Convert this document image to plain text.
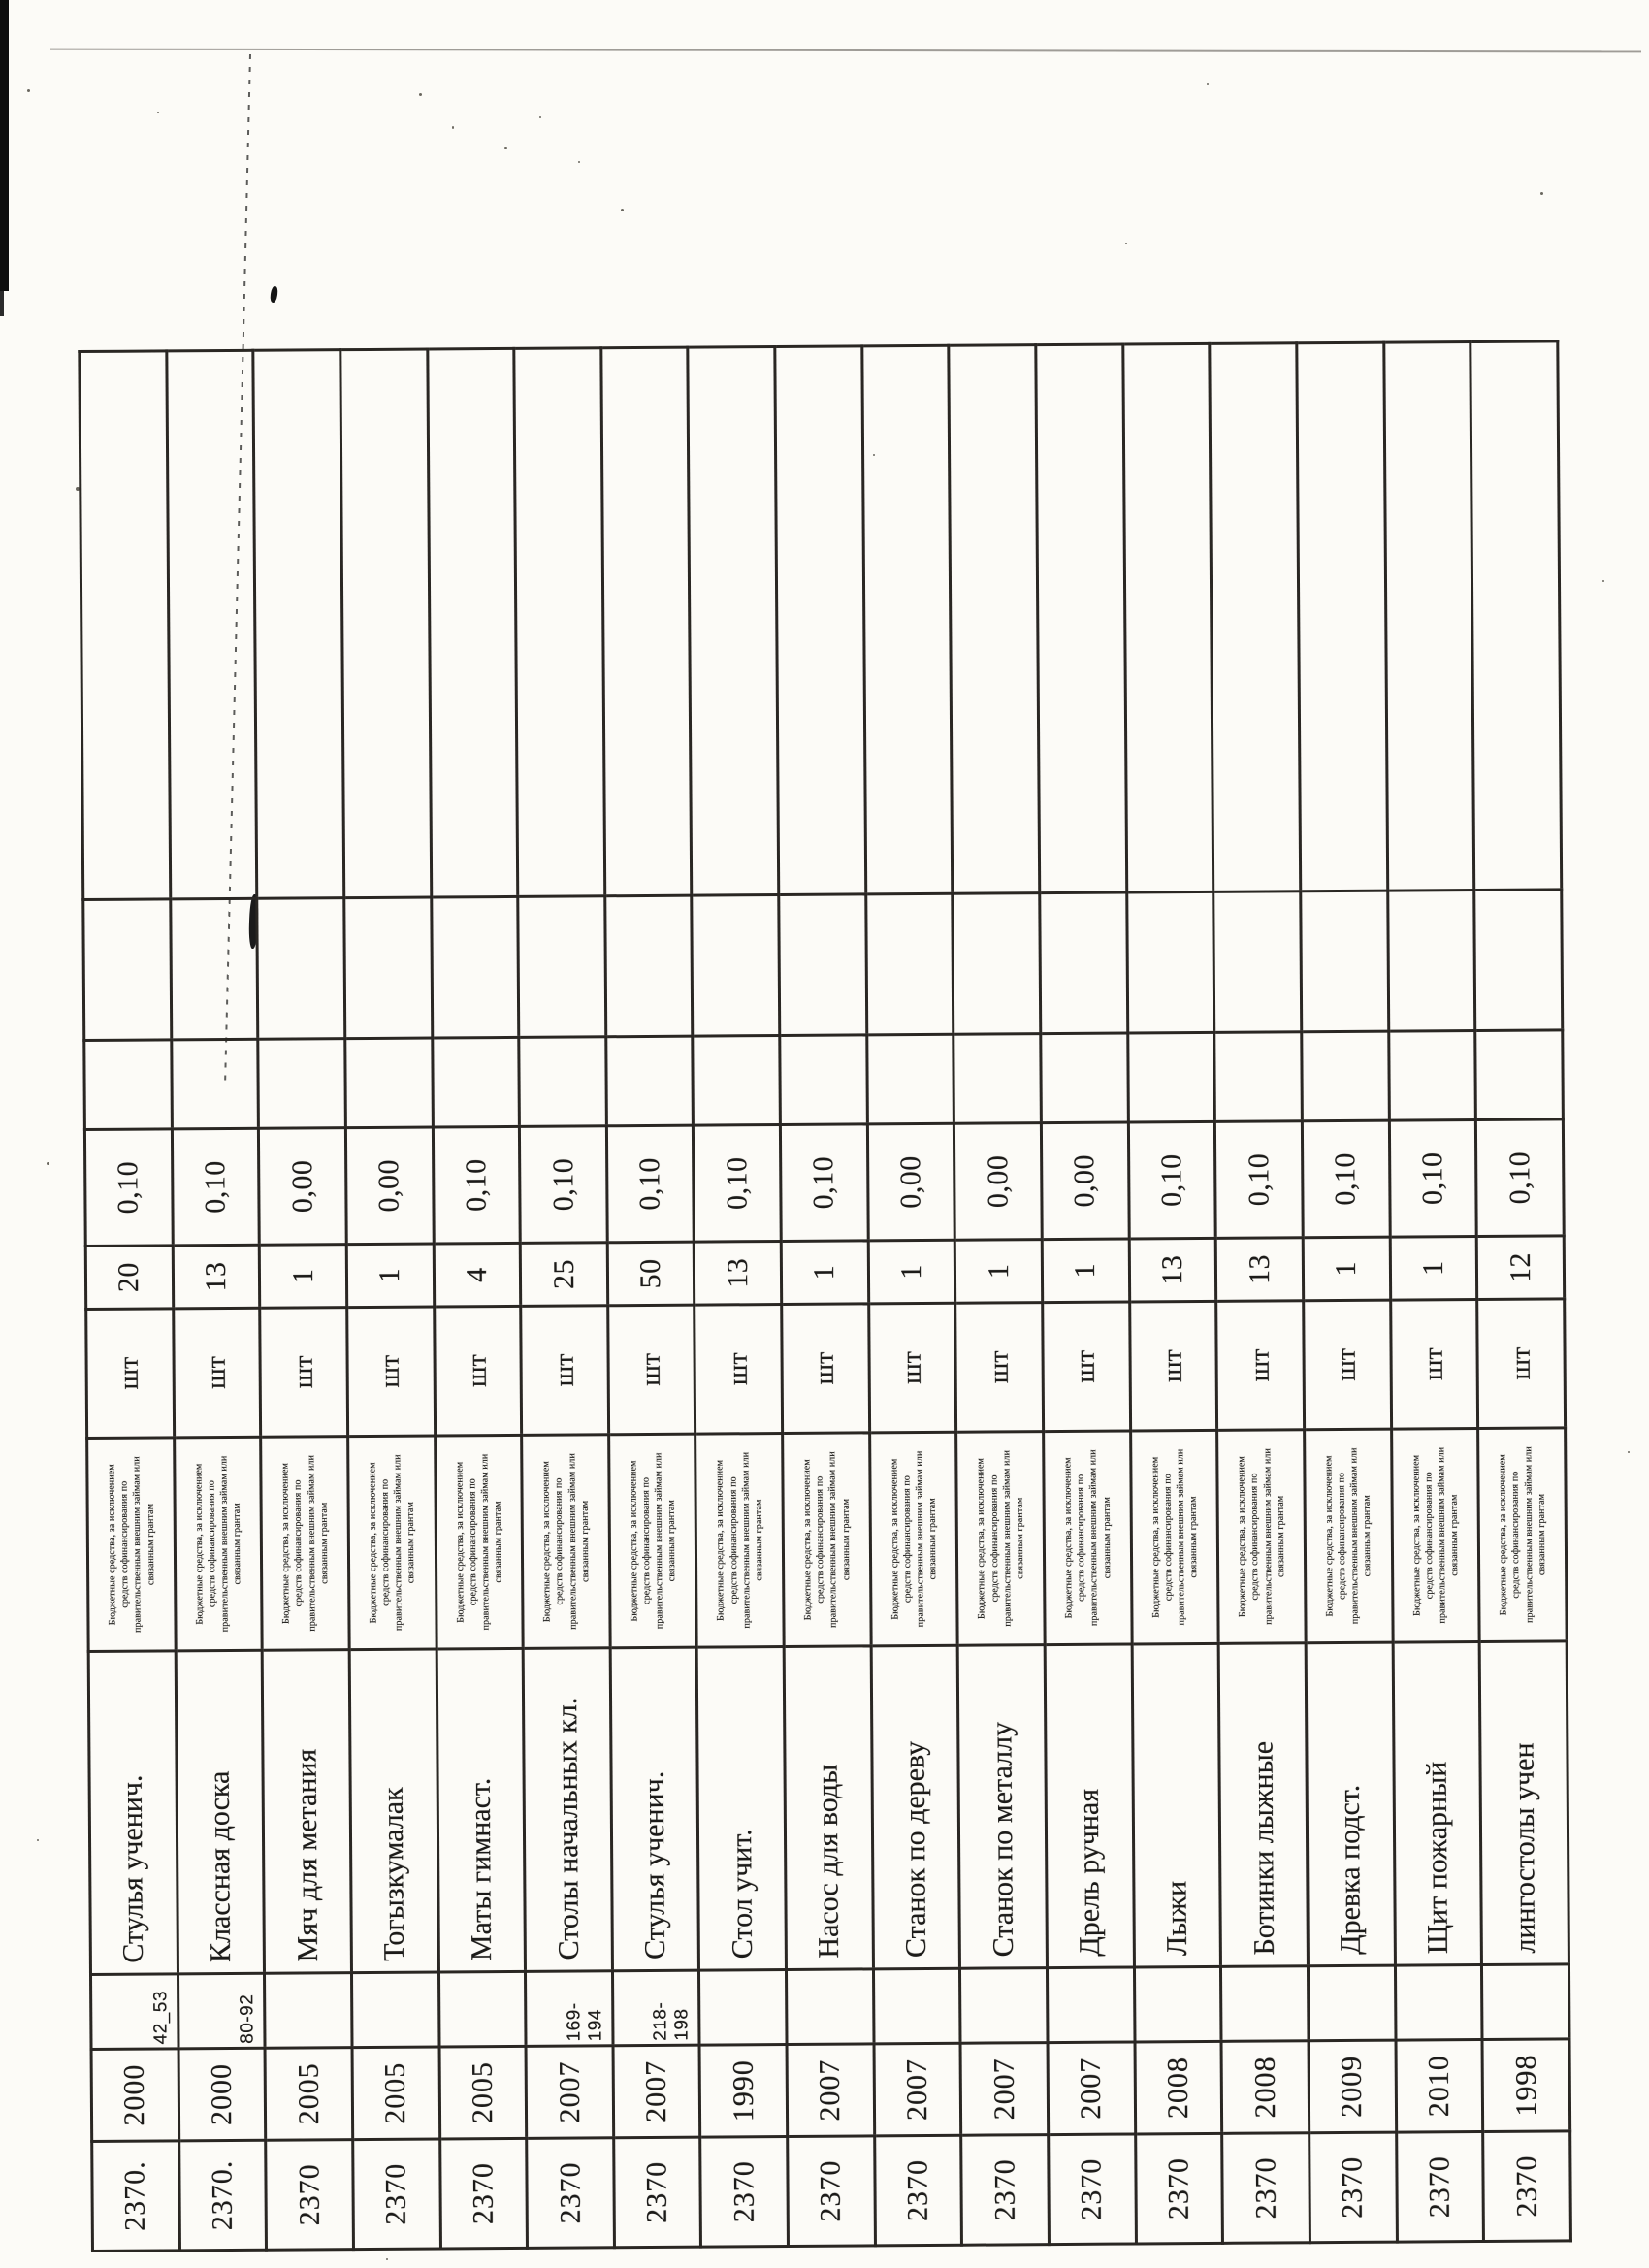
2370.	2000	42_53	Стулья ученич.	Бюджетные средства, за исключением средств софинансирования по правительственным внешним займам или связанным грантам	шт	20	0,10			
2370.	2000	80-92	Классная доска	Бюджетные средства, за исключением средств софинансирования по правительственным внешним займам или связанным грантам	шт	13	0,10			
2370	2005		Мяч для метания	Бюджетные средства, за исключением средств софинансирования по правительственным внешним займам или связанным грантам	шт	1	0,00			
2370	2005		Тогызкумалак	Бюджетные средства, за исключением средств софинансирования по правительственным внешним займам или связанным грантам	шт	1	0,00			
2370	2005		Маты гимнаст.	Бюджетные средства, за исключением средств софинансирования по правительственным внешним займам или связанным грантам	шт	4	0,10			
2370	2007	169-194	Столы начальных кл.	Бюджетные средства, за исключением средств софинансирования по правительственным внешним займам или связанным грантам	шт	25	0,10			
2370	2007	218-198	Стулья ученич.	Бюджетные средства, за исключением средств софинансирования по правительственным внешним займам или связанным грантам	шт	50	0,10			
2370	1990		Стол учит.	Бюджетные средства, за исключением средств софинансирования по правительственным внешним займам или связанным грантам	шт	13	0,10			
2370	2007		Насос для воды	Бюджетные средства, за исключением средств софинансирования по правительственным внешним займам или связанным грантам	шт	1	0,10			
2370	2007		Станок по дереву	Бюджетные средства, за исключением средств софинансирования по правительственным внешним займам или связанным грантам	шт	1	0,00			
2370	2007		Станок по металлу	Бюджетные средства, за исключением средств софинансирования по правительственным внешним займам или связанным грантам	шт	1	0,00			
2370	2007		Дрель ручная	Бюджетные средства, за исключением средств софинансирования по правительственным внешним займам или связанным грантам	шт	1	0,00			
2370	2008		Лыжи	Бюджетные средства, за исключением средств софинансирования по правительственным внешним займам или связанным грантам	шт	13	0,10			
2370	2008		Ботинки лыжные	Бюджетные средства, за исключением средств софинансирования по правительственным внешним займам или связанным грантам	шт	13	0,10			
2370	2009		Древка подст.	Бюджетные средства, за исключением средств софинансирования по правительственным внешним займам или связанным грантам	шт	1	0,10			
2370	2010		Щит пожарный	Бюджетные средства, за исключением средств софинансирования по правительственным внешним займам или связанным грантам	шт	1	0,10			
2370	1998		лингостолы учен	Бюджетные средства, за исключением средств софинансирования по правительственным внешним займам или связанным грантам	шт	12	0,10			
